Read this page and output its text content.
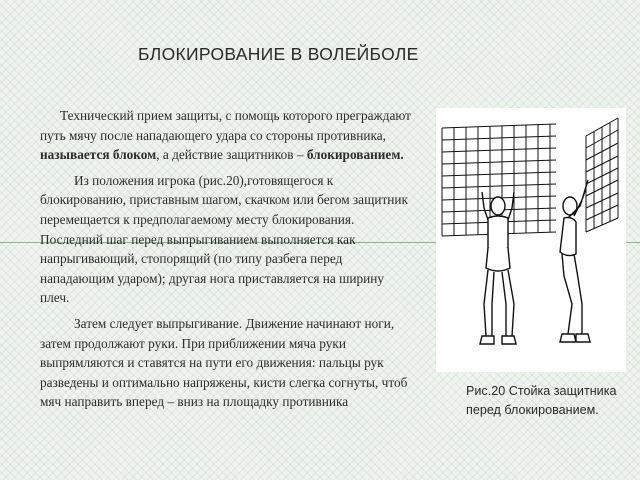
БЛОКИРОВАНИЕ В ВОЛЕЙБОЛЕ

Технический прием защиты, с помощь которого преграждают путь мячу после нападающего удара со стороны противника, называется блоком, а действие защитников – блокированием.

Из положения игрока (рис.20),готовящегося к блокированию, приставным шагом, скачком или бегом защитник перемещается к предполагаемому месту блокирования. Последний шаг перед выпрыгиванием выполняется как напрыгивающий, стопорящий (по типу разбега перед нападающим ударом); другая нога приставляется на ширину плеч.

Затем следует выпрыгивание. Движение начинают ноги, затем продолжают руки. При приближении мяча руки выпрямляются и ставятся на пути его движения: пальцы рук разведены и оптимально напряжены, кисти слегка согнуты, чтоб мяч направить вперед – вниз на площадку противника

Рис.20 Стойка защитника перед блокированием.
